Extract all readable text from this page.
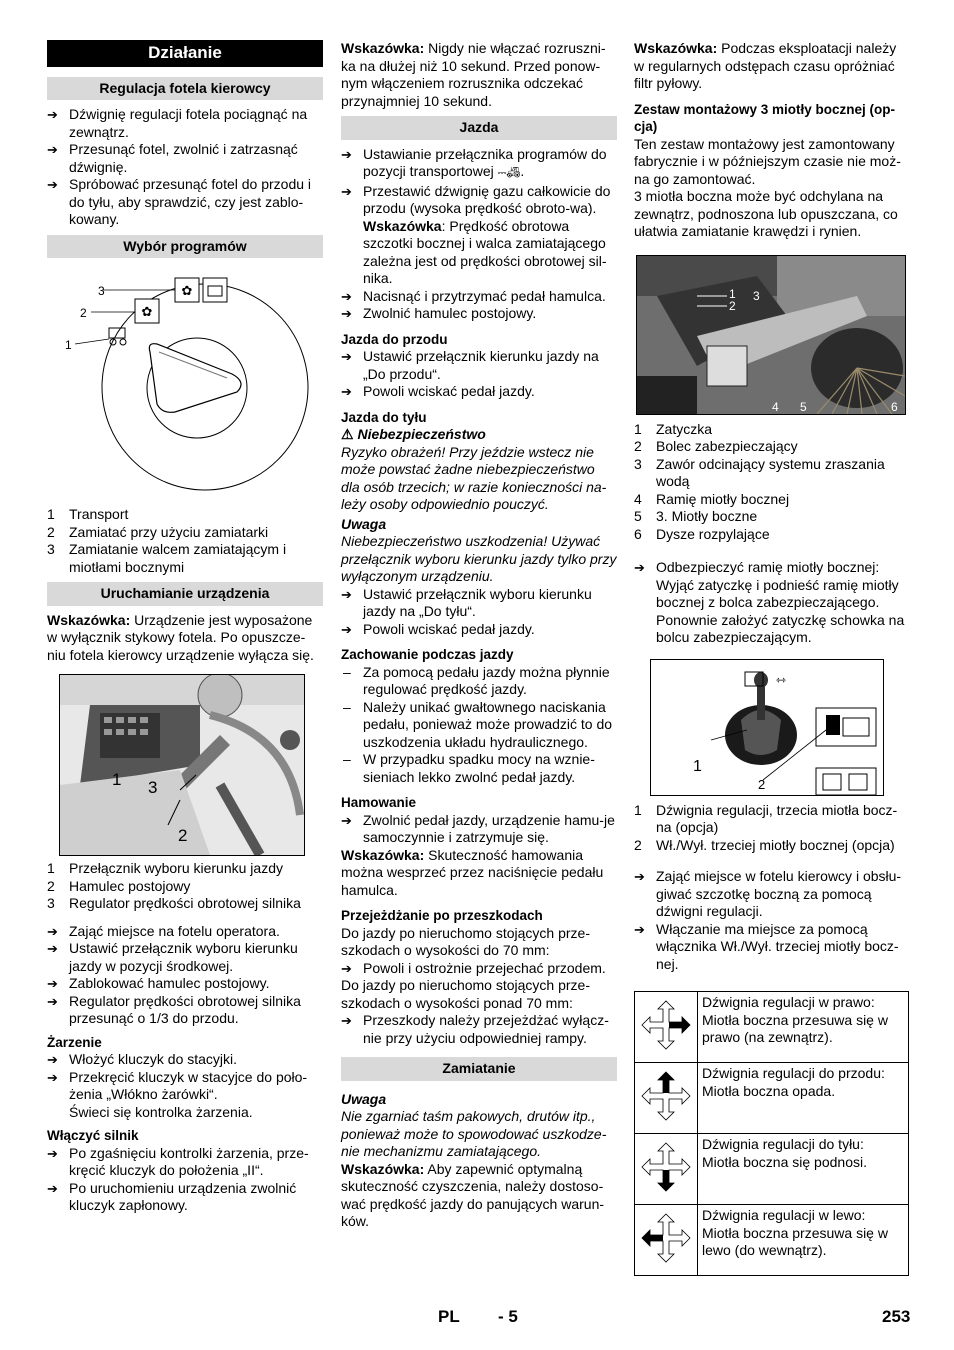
Działanie
Regulacja fotela kierowcy
➔ Dźwignię regulacji fotela pociągnąć na zewnątrz.
➔ Przesunąć fotel, zwolnić i zatrzasnąć dźwignię.
➔ Spróbować przesunąć fotel do przodu i do tyłu, aby sprawdzić, czy jest zablo-kowany.
Wybór programów
✿
✿
3
2
1
1 Transport
2 Zamiatać przy użyciu zamiatarki
3 Zamiatanie walcem zamiatającym i miotłami bocznymi
Uruchamianie urządzenia
Wskazówka: Urządzenie jest wyposażone w wyłącznik stykowy fotela. Po opuszcze-niu fotela kierowcy urządzenie wyłącza się.
1 3
2
1 Przełącznik wyboru kierunku jazdy
2 Hamulec postojowy
3 Regulator prędkości obrotowej silnika
➔ Zająć miejsce na fotelu operatora.
➔ Ustawić przełącznik wyboru kierunku jazdy w pozycji środkowej.
➔ Zablokować hamulec postojowy.
➔ Regulator prędkości obrotowej silnika przesunąć o 1/3 do przodu.
Żarzenie
➔ Włożyć kluczyk do stacyjki.
➔ Przekręcić kluczyk w stacyjce do poło-żenia „Włókno żarówki“.
Świeci się kontrolka żarzenia.
Włączyć silnik
➔ Po zgaśnięciu kontrolki żarzenia, prze-kręcić kluczyk do położenia „II“.
➔ Po uruchomieniu urządzenia zwolnić kluczyk zapłonowy.
Wskazówka: Nigdy nie włączać rozruszni-ka na dłużej niż 10 sekund. Przed ponow-nym włączeniem rozrusznika odczekać przynajmniej 10 sekund.
Jazda
➔ Ustawianie przełącznika programów do pozycji transportowej ⎓🚜︎.
➔ Przestawić dźwignię gazu całkowicie do przodu (wysoka prędkość obroto-wa).
Wskazówka: Prędkość obrotowa szczotki bocznej i walca zamiatającego zależna jest od prędkości obrotowej sil-nika.
➔ Nacisnąć i przytrzymać pedał hamulca.
➔ Zwolnić hamulec postojowy.
Jazda do przodu
➔ Ustawić przełącznik kierunku jazdy na „Do przodu“.
➔ Powoli wciskać pedał jazdy.
Jazda do tyłu
⚠ Niebezpieczeństwo
Ryzyko obrażeń! Przy jeździe wstecz nie może powstać żadne niebezpieczeństwo dla osób trzecich; w razie konieczności na-leży osoby odpowiednio pouczyć.
Uwaga
Niebezpieczeństwo uszkodzenia! Używać przełącznik wyboru kierunku jazdy tylko przy wyłączonym urządzeniu.
➔ Ustawić przełącznik wyboru kierunku jazdy na „Do tyłu“.
➔ Powoli wciskać pedał jazdy.
Zachowanie podczas jazdy
– Za pomocą pedału jazdy można płynnie regulować prędkość jazdy.
– Należy unikać gwałtownego naciskania pedału, ponieważ może prowadzić to do uszkodzenia układu hydraulicznego.
– W przypadku spadku mocy na wznie-sieniach lekko zwolnć pedał jazdy.
Hamowanie
➔ Zwolnić pedał jazdy, urządzenie hamu-je samoczynnie i zatrzymuje się.
Wskazówka: Skuteczność hamowania można wesprzeć przez naciśnięcie pedału hamulca.
Przejeżdżanie po przeszkodach
Do jazdy po nieruchomo stojących prze-szkodach o wysokości do 70 mm:
➔ Powoli i ostrożnie przejechać przodem.
Do jazdy po nieruchomo stojących prze-szkodach o wysokości ponad 70 mm:
➔ Przeszkody należy przejeżdżać wyłącz-nie przy użyciu odpowiedniej rampy.
Zamiatanie
Uwaga
Nie zgarniać taśm pakowych, drutów itp., ponieważ może to spowodować uszkodze-nie mechanizmu zamiatającego.
Wskazówka: Aby zapewnić optymalną skuteczność czyszczenia, należy dostoso-wać prędkość jazdy do panujących warun-ków.
Wskazówka: Podczas eksploatacji należy w regularnych odstępach czasu opróżniać filtr pyłowy.
Zestaw montażowy 3 miotły bocznej (op-cja)
Ten zestaw montażowy jest zamontowany fabrycznie i w późniejszym czasie nie moż-na go zamontować.
3 miotła boczna może być odchylana na zewnątrz, podnoszona lub opuszczana, co ułatwia zamiatanie krawędzi i rynien.
1
2
3
4 5	6
1 Zatyczka
2 Bolec zabezpieczający
3 Zawór odcinający systemu zraszania wodą
4 Ramię miotły bocznej
5 3. Miotły boczne
6 Dysze rozpylające
➔ Odbezpieczyć ramię miotły bocznej: Wyjąć zatyczkę i podnieść ramię miotły bocznej z bolca zabezpieczającego. Ponownie założyć zatyczkę schowka na bolcu zabezpieczającym.
⇿
1
2
1 Dźwignia regulacji, trzecia miotła bocz-na (opcja)
2 Wł./Wył. trzeciej miotły bocznej (opcja)
➔ Zająć miejsce w fotelu kierowcy i obsłu-giwać szczotkę boczną za pomocą dźwigni regulacji.
➔ Włączanie ma miejsce za pomocą włącznika Wł./Wył. trzeciej miotły bocz-nej.
	Dźwignia regulacji w prawo: Miotła boczna przesuwa się w prawo (na zewnątrz).
	Dźwignia regulacji do przodu: Miotła boczna opada.
	Dźwignia regulacji do tyłu: Miotła boczna się podnosi.
	Dźwignia regulacji w lewo: Miotła boczna przesuwa się w lewo (do wewnątrz).
PL - 5	253
